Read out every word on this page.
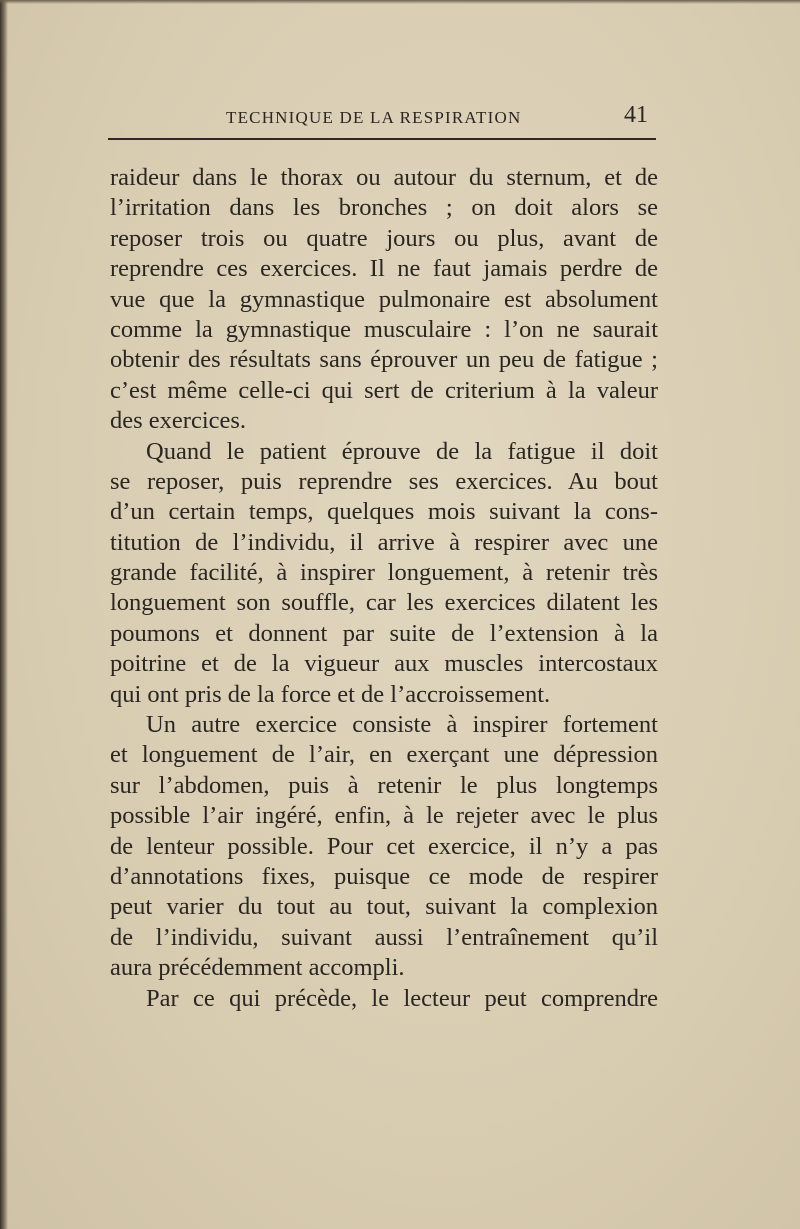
TECHNIQUE DE LA RESPIRATION	41
raideur dans le thorax ou autour du sternum, et de
l’irritation dans les bronches ; on doit alors se
reposer trois ou quatre jours ou plus, avant de
reprendre ces exercices. Il ne faut jamais perdre de
vue que la gymnastique pulmonaire est absolument
comme la gymnastique musculaire : l’on ne saurait
obtenir des résultats sans éprouver un peu de fatigue ;
c’est même celle-ci qui sert de criterium à la valeur
des exercices.
Quand le patient éprouve de la fatigue il doit
se reposer, puis reprendre ses exercices. Au bout
d’un certain temps, quelques mois suivant la cons-
titution de l’individu, il arrive à respirer avec une
grande facilité, à inspirer longuement, à retenir très
longuement son souffle, car les exercices dilatent les
poumons et donnent par suite de l’extension à la
poitrine et de la vigueur aux muscles intercostaux
qui ont pris de la force et de l’accroissement.
Un autre exercice consiste à inspirer fortement
et longuement de l’air, en exerçant une dépression
sur l’abdomen, puis à retenir le plus longtemps
possible l’air ingéré, enfin, à le rejeter avec le plus
de lenteur possible. Pour cet exercice, il n’y a pas
d’annotations fixes, puisque ce mode de respirer
peut varier du tout au tout, suivant la complexion
de l’individu, suivant aussi l’entraînement qu’il
aura précédemment accompli.
Par ce qui précède, le lecteur peut comprendre
